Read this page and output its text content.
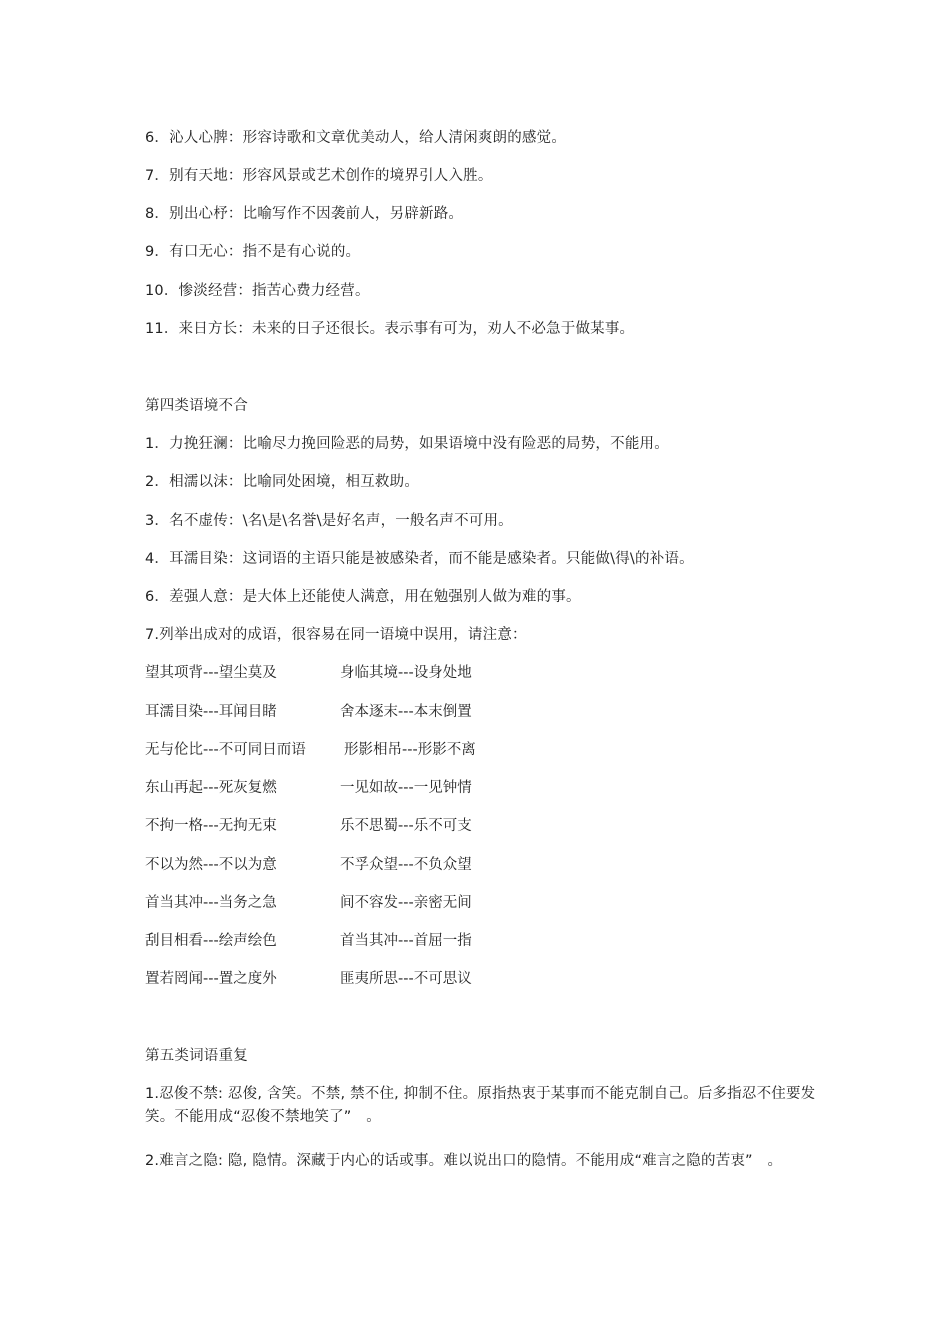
6．沁人心脾：形容诗歌和文章优美动人，给人清闲爽朗的感觉。
7．别有天地：形容风景或艺术创作的境界引人入胜。
8．别出心杼：比喻写作不因袭前人，另辟新路。
9．有口无心：指不是有心说的。
10．惨淡经营：指苦心费力经营。
11．来日方长：未来的日子还很长。表示事有可为，劝人不必急于做某事。
第四类语境不合
1．力挽狂澜：比喻尽力挽回险恶的局势，如果语境中没有险恶的局势，不能用。
2．相濡以沫：比喻同处困境，相互救助。
3．名不虚传：\名\是\名誉\是好名声，一般名声不可用。
4．耳濡目染：这词语的主语只能是被感染者，而不能是感染者。只能做\得\的补语。
6．差强人意：是大体上还能使人满意，用在勉强别人做为难的事。
7.列举出成对的成语，很容易在同一语境中误用，请注意：
望其项背---望尘莫及	身临其境---设身处地
耳濡目染---耳闻目睹	舍本逐末---本末倒置
无与伦比---不可同日而语	形影相吊---形影不离
东山再起---死灰复燃	一见如故---一见钟情
不拘一格---无拘无束	乐不思蜀---乐不可支
不以为然---不以为意	不孚众望---不负众望
首当其冲---当务之急	间不容发---亲密无间
刮目相看---绘声绘色	首当其冲---首屈一指
置若罔闻---置之度外	匪夷所思---不可思议
第五类词语重复
1.忍俊不禁: 忍俊, 含笑。不禁, 禁不住, 抑制不住。原指热衷于某事而不能克制自己。后多指忍不住要发笑。不能用成“忍俊不禁地笑了”　。
2.难言之隐: 隐, 隐情。深藏于内心的话或事。难以说出口的隐情。不能用成“难言之隐的苦衷”　。
